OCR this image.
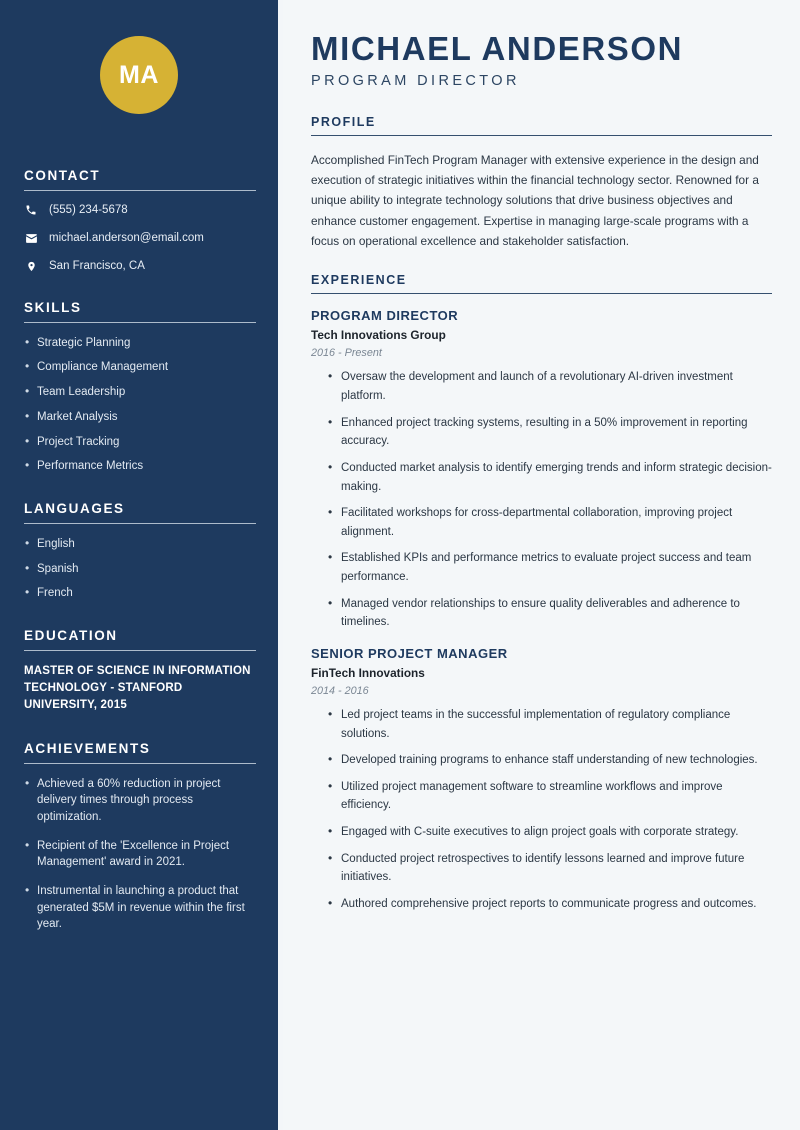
MA
CONTACT
(555) 234-5678
michael.anderson@email.com
San Francisco, CA
SKILLS
• Strategic Planning
• Compliance Management
• Team Leadership
• Market Analysis
• Project Tracking
• Performance Metrics
LANGUAGES
• English
• Spanish
• French
EDUCATION

MASTER OF SCIENCE IN INFORMATION TECHNOLOGY - STANFORD UNIVERSITY, 2015

ACHIEVEMENTS
• Achieved a 60% reduction in project delivery times through process optimization.
• Recipient of the 'Excellence in Project Management' award in 2021.
• Instrumental in launching a product that generated $5M in revenue within the first year.
MICHAEL ANDERSON
PROGRAM DIRECTOR
PROFILE

Accomplished FinTech Program Manager with extensive experience in the design and execution of strategic initiatives within the financial technology sector. Renowned for a unique ability to integrate technology solutions that drive business objectives and enhance customer engagement. Expertise in managing large-scale programs with a focus on operational excellence and stakeholder satisfaction.

EXPERIENCE
PROGRAM DIRECTOR
Tech Innovations Group
2016 - Present
• Oversaw the development and launch of a revolutionary AI-driven investment platform.
• Enhanced project tracking systems, resulting in a 50% improvement in reporting accuracy.
• Conducted market analysis to identify emerging trends and inform strategic decision-making.
• Facilitated workshops for cross-departmental collaboration, improving project alignment.
• Established KPIs and performance metrics to evaluate project success and team performance.
• Managed vendor relationships to ensure quality deliverables and adherence to timelines.
SENIOR PROJECT MANAGER
FinTech Innovations
2014 - 2016
• Led project teams in the successful implementation of regulatory compliance solutions.
• Developed training programs to enhance staff understanding of new technologies.
• Utilized project management software to streamline workflows and improve efficiency.
• Engaged with C-suite executives to align project goals with corporate strategy.
• Conducted project retrospectives to identify lessons learned and improve future initiatives.
• Authored comprehensive project reports to communicate progress and outcomes.
